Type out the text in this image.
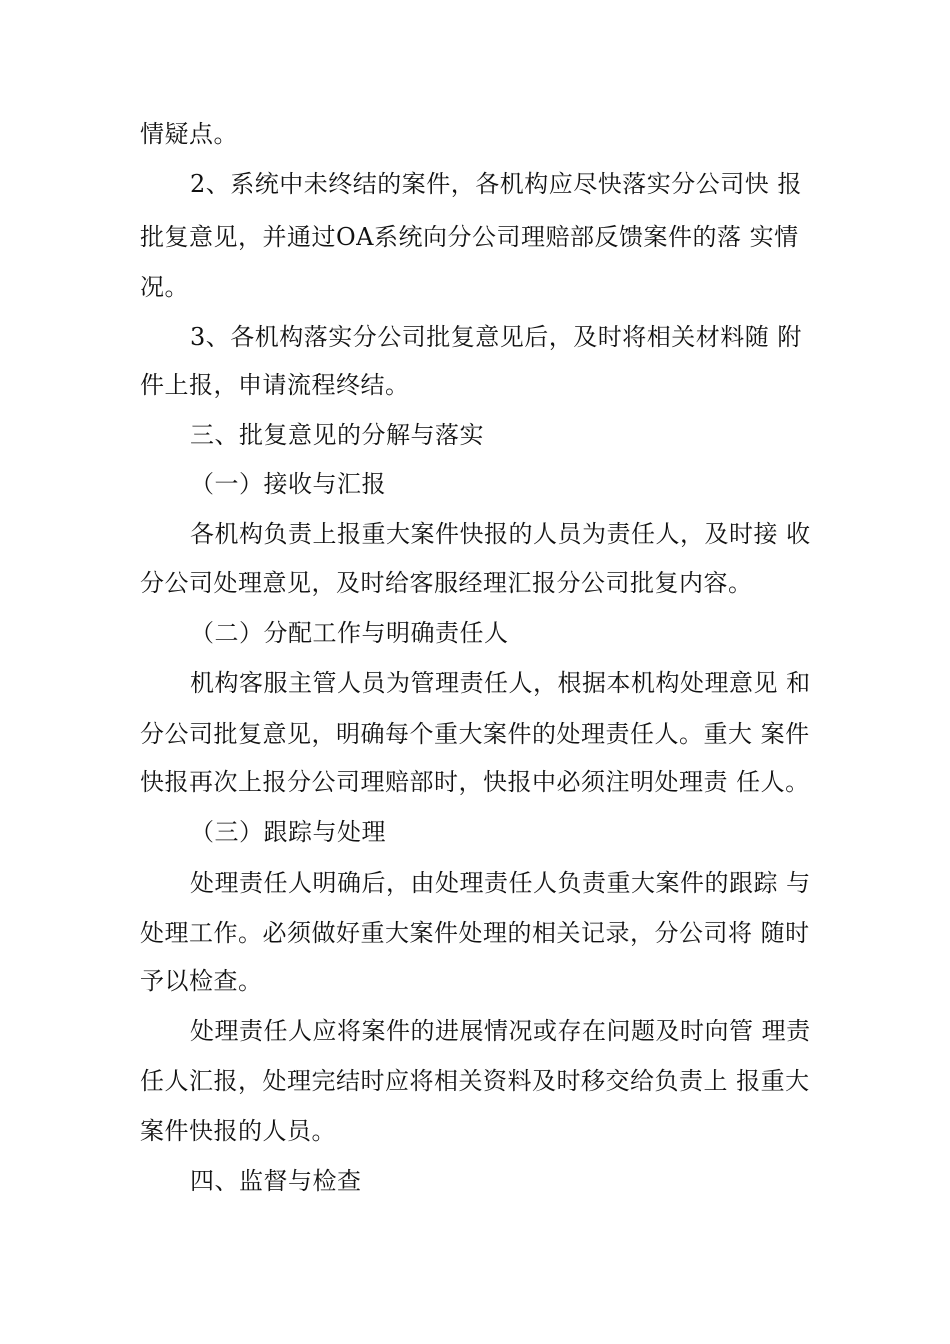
情疑点。
2、系统中未终结的案件，各机构应尽快落实分公司快 报
批复意见，并通过OA系统向分公司理赔部反馈案件的落 实情
况。
3、各机构落实分公司批复意见后，及时将相关材料随 附
件上报，申请流程终结。
三、批复意见的分解与落实
（一）接收与汇报
各机构负责上报重大案件快报的人员为责任人，及时接 收
分公司处理意见，及时给客服经理汇报分公司批复内容。
（二）分配工作与明确责任人
机构客服主管人员为管理责任人，根据本机构处理意见 和
分公司批复意见，明确每个重大案件的处理责任人。重大 案件
快报再次上报分公司理赔部时，快报中必须注明处理责 任人。
（三）跟踪与处理
处理责任人明确后，由处理责任人负责重大案件的跟踪 与
处理工作。必须做好重大案件处理的相关记录，分公司将 随时
予以检查。
处理责任人应将案件的进展情况或存在问题及时向管 理责
任人汇报，处理完结时应将相关资料及时移交给负责上 报重大
案件快报的人员。
四、监督与检查
